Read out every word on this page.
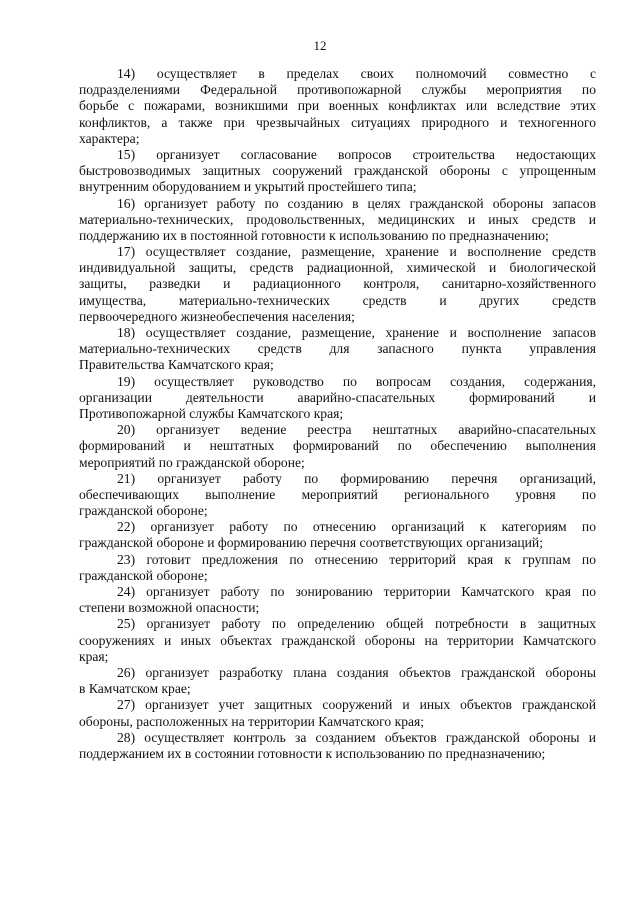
12
14) осуществляет в пределах своих полномочий совместно с
подразделениями Федеральной противопожарной службы мероприятия по
борьбе с пожарами, возникшими при военных конфликтах или вследствие этих
конфликтов, а также при чрезвычайных ситуациях природного и техногенного
характера;
15) организует согласование вопросов строительства недостающих
быстровозводимых защитных сооружений гражданской обороны с упрощенным
внутренним оборудованием и укрытий простейшего типа;
16) организует работу по созданию в целях гражданской обороны запасов
материально-технических, продовольственных, медицинских и иных средств и
поддержанию их в постоянной готовности к использованию по предназначению;
17) осуществляет создание, размещение, хранение и восполнение средств
индивидуальной защиты, средств радиационной, химической и биологической
защиты, разведки и радиационного контроля, санитарно-хозяйственного
имущества, материально-технических средств и других средств
первоочередного жизнеобеспечения населения;
18) осуществляет создание, размещение, хранение и восполнение запасов
материально-технических средств для запасного пункта управления
Правительства Камчатского края;
19) осуществляет руководство по вопросам создания, содержания,
организации деятельности аварийно-спасательных формирований и
Противопожарной службы Камчатского края;
20) организует ведение реестра нештатных аварийно-спасательных
формирований и нештатных формирований по обеспечению выполнения
мероприятий по гражданской обороне;
21) организует работу по формированию перечня организаций,
обеспечивающих выполнение мероприятий регионального уровня по
гражданской обороне;
22) организует работу по отнесению организаций к категориям по
гражданской обороне и формированию перечня соответствующих организаций;
23) готовит предложения по отнесению территорий края к группам по
гражданской обороне;
24) организует работу по зонированию территории Камчатского края по
степени возможной опасности;
25) организует работу по определению общей потребности в защитных
сооружениях и иных объектах гражданской обороны на территории Камчатского
края;
26) организует разработку плана создания объектов гражданской обороны
в Камчатском крае;
27) организует учет защитных сооружений и иных объектов гражданской
обороны, расположенных на территории Камчатского края;
28) осуществляет контроль за созданием объектов гражданской обороны и
поддержанием их в состоянии готовности к использованию по предназначению;
